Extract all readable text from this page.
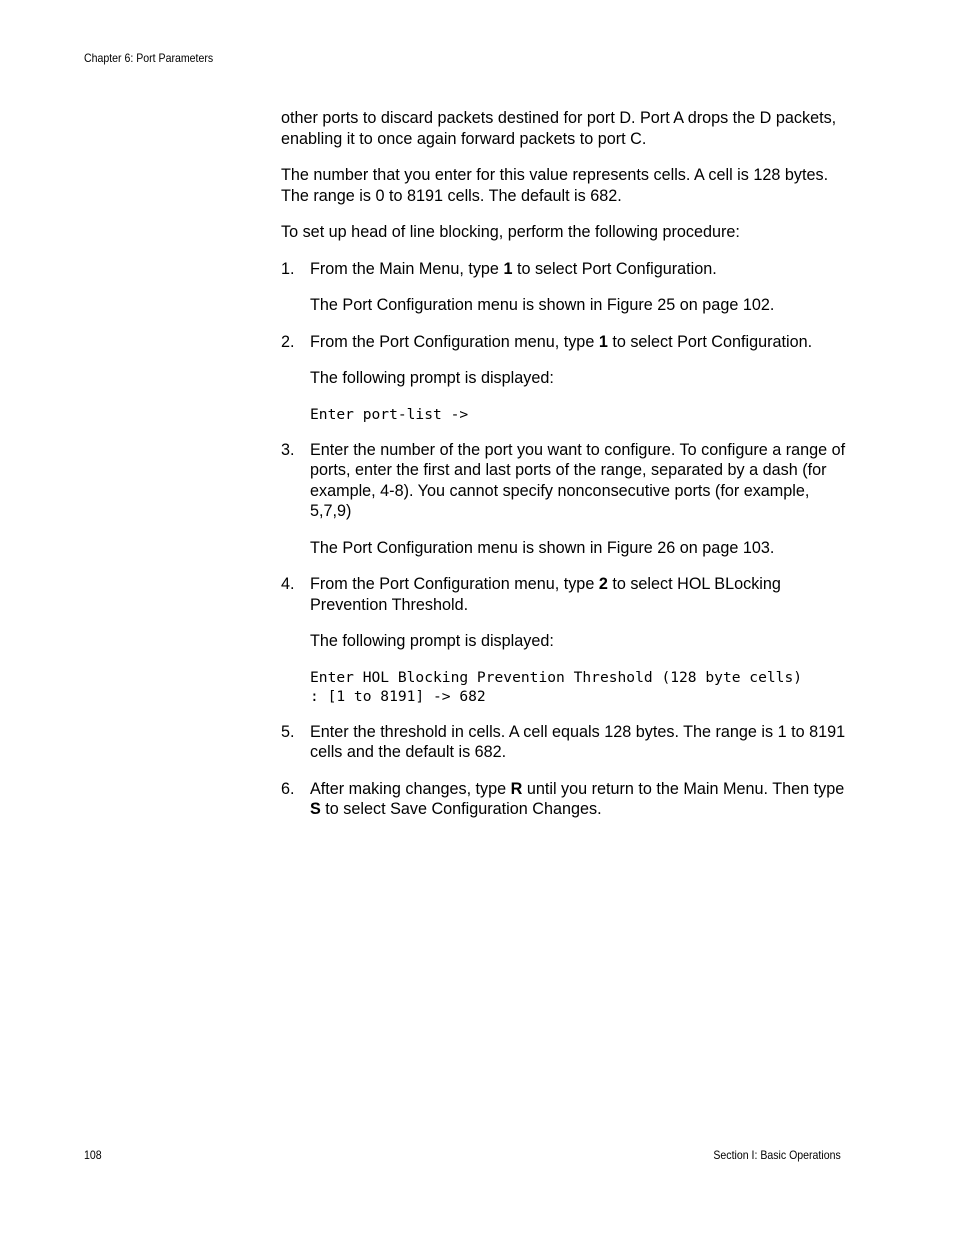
Chapter 6: Port Parameters

other ports to discard packets destined for port D. Port A drops the D packets, enabling it to once again forward packets to port C.

The number that you enter for this value represents cells. A cell is 128 bytes. The range is 0 to 8191 cells. The default is 682.

To set up head of line blocking, perform the following procedure:

1. From the Main Menu, type 1 to select Port Configuration.

The Port Configuration menu is shown in Figure 25 on page 102.

2. From the Port Configuration menu, type 1 to select Port Configuration.

The following prompt is displayed:

Enter port-list ->
3. Enter the number of the port you want to configure. To configure a range of ports, enter the first and last ports of the range, separated by a dash (for example, 4-8). You cannot specify nonconsecutive ports (for example, 5,7,9)

The Port Configuration menu is shown in Figure 26 on page 103.

4. From the Port Configuration menu, type 2 to select HOL BLocking Prevention Threshold.

The following prompt is displayed:

Enter HOL Blocking Prevention Threshold (128 byte cells)
: [1 to 8191] -> 682
5. Enter the threshold in cells. A cell equals 128 bytes. The range is 1 to 8191 cells and the default is 682.
6. After making changes, type R until you return to the Main Menu. Then type S to select Save Configuration Changes.
108	Section I: Basic Operations
